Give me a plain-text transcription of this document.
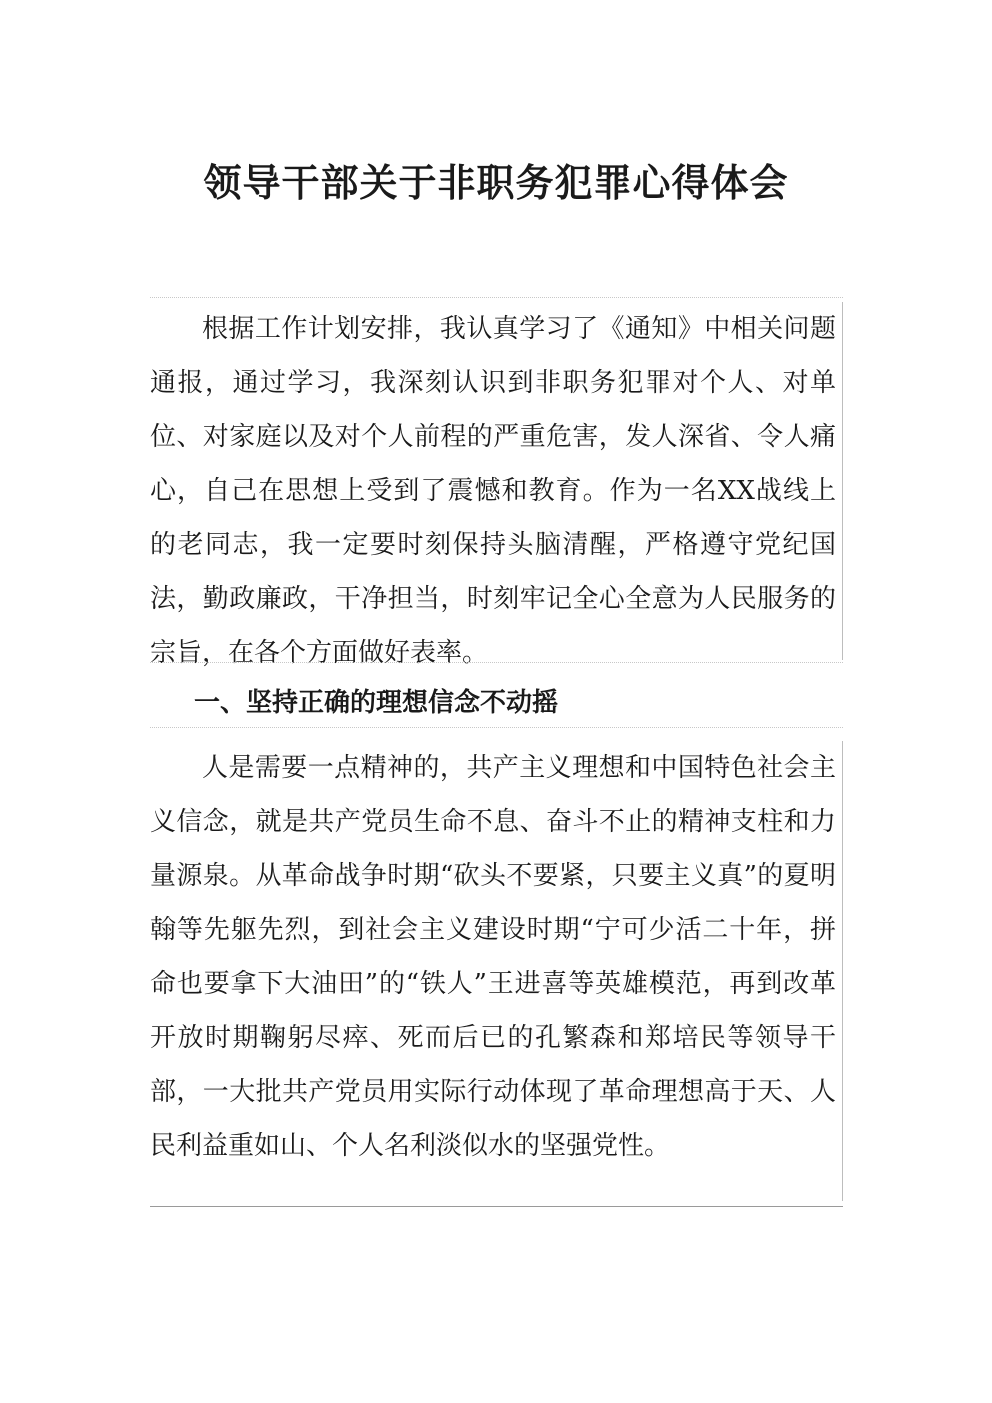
领导干部关于非职务犯罪心得体会

根据工作计划安排，我认真学习了《通知》中相关问题通报，通过学习，我深刻认识到非职务犯罪对个人、对单位、对家庭以及对个人前程的严重危害，发人深省、令人痛心，自己在思想上受到了震憾和教育。作为一名XX战线上的老同志，我一定要时刻保持头脑清醒，严格遵守党纪国法，勤政廉政，干净担当，时刻牢记全心全意为人民服务的宗旨，在各个方面做好表率。

一、坚持正确的理想信念不动摇

人是需要一点精神的，共产主义理想和中国特色社会主义信念，就是共产党员生命不息、奋斗不止的精神支柱和力量源泉。从革命战争时期“砍头不要紧，只要主义真”的夏明翰等先躯先烈，到社会主义建设时期“宁可少活二十年，拼命也要拿下大油田”的“铁人”王进喜等英雄模范，再到改革开放时期鞠躬尽瘁、死而后已的孔繁森和郑培民等领导干部，一大批共产党员用实际行动体现了革命理想高于天、人民利益重如山、个人名利淡似水的坚强党性。
